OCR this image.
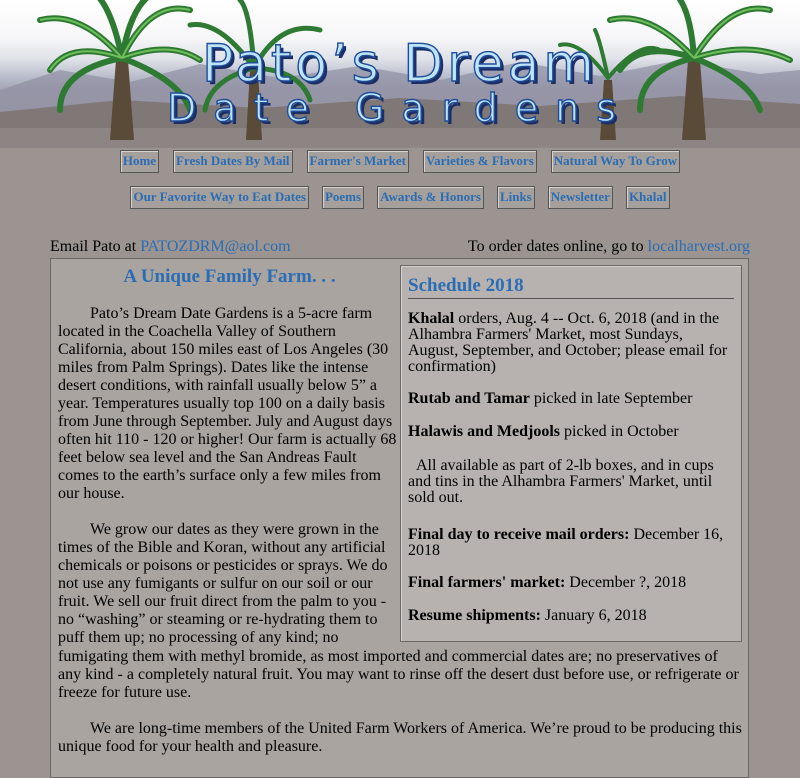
Pato’s Dream
Date Gardens
Home Fresh Dates By Mail Farmer's Market Varieties & Flavors Natural Way To Grow
Our Favorite Way to Eat Dates Poems Awards & Honors Links Newsletter Khalal
Email Pato at PATOZDRM@aol.com	To order dates online, go to localharvest.org
A Unique Family Farm. . .

Pato’s Dream Date Gardens is a 5-acre farm located in the Coachella Valley of Southern California, about 150 miles east of Los Angeles (30 miles from Palm Springs). Dates like the intense desert conditions, with rainfall usually below 5” a year. Temperatures usually top 100 on a daily basis from June through September. July and August days often hit 110 - 120 or higher! Our farm is actually 68 feet below sea level and the San Andreas Fault comes to the earth’s surface only a few miles from our house.

We grow our dates as they were grown in the times of the Bible and Koran, without any artificial chemicals or poisons or pesticides or sprays. We do not use any fumigants or sulfur on our soil or our fruit. We sell our fruit direct from the palm to you - no “washing” or steaming or re-hydrating them to puff them up; no processing of any kind; no

fumigating them with methyl bromide, as most imported and commercial dates are; no preservatives of any kind - a completely natural fruit. You may want to rinse off the desert dust before use, or refrigerate or freeze for future use.

We are long-time members of the United Farm Workers of America. We’re proud to be producing this unique food for your health and pleasure.

Schedule 2018

Khalal orders, Aug. 4 -- Oct. 6, 2018 (and in the Alhambra Farmers' Market, most Sundays, August, September, and October; please email for confirmation)

Rutab and Tamar picked in late September

Halawis and Medjools picked in October

All available as part of 2-lb boxes, and in cups and tins in the Alhambra Farmers' Market, until sold out.

Final day to receive mail orders: December 16, 2018

Final farmers' market: December ?, 2018

Resume shipments: January 6, 2018
